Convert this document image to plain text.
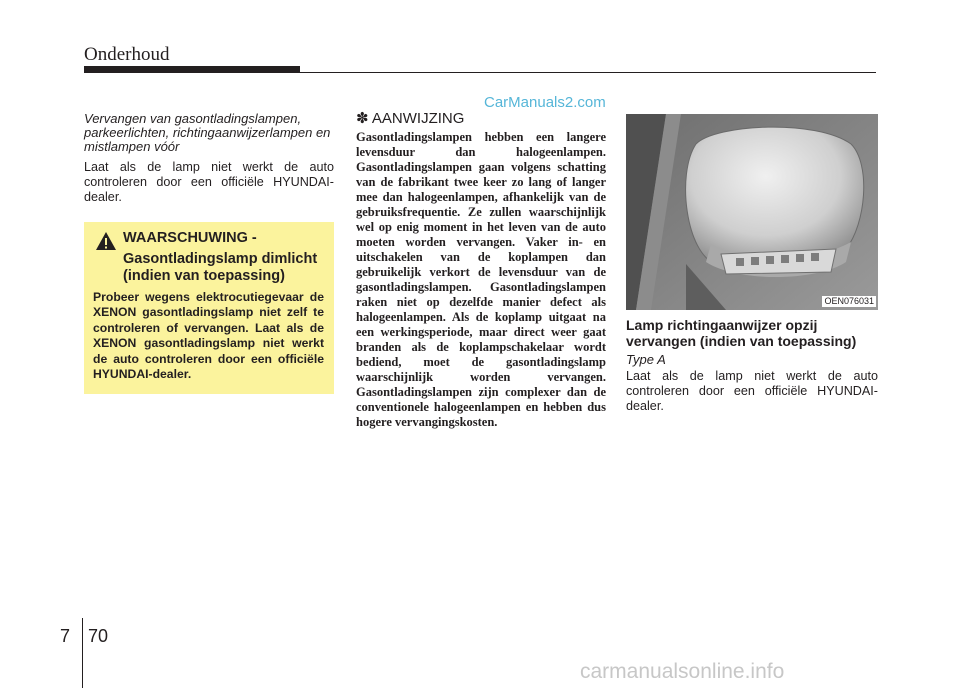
Onderhoud
CarManuals2.com

Vervangen van gasontladingslampen, parkeerlichten, richtingaanwijzerlampen en mistlampen vóór

Laat als de lamp niet werkt de auto controleren door een officiële HYUNDAI-dealer.

WAARSCHUWING -
Gasontladingslamp dimlicht (indien van toepassing)
Probeer wegens elektrocutiegevaar de XENON gasontladingslamp niet zelf te controleren of vervangen. Laat als de XENON gasontladingslamp niet werkt de auto controleren door een officiële HYUNDAI-dealer.
✽ AANWIJZING

Gasontladingslampen hebben een langere levensduur dan halogeenlampen. Gasontladingslampen gaan volgens schatting van de fabrikant twee keer zo lang of langer mee dan halogeenlampen, afhankelijk van de gebruiksfrequentie. Ze zullen waarschijnlijk wel op enig moment in het leven van de auto moeten worden vervangen. Vaker in- en uitschakelen van de koplampen dan gebruikelijk verkort de levensduur van de gasontladingslampen. Gasontladingslampen raken niet op dezelfde manier defect als halogeenlampen. Als de koplamp uitgaat na een werkingsperiode, maar direct weer gaat branden als de koplampschakelaar wordt bediend, moet de gasontladingslamp waarschijnlijk worden vervangen. Gasontladingslampen zijn complexer dan de conventionele halogeenlampen en hebben dus hogere vervangingskosten.

OEN076031
Lamp richtingaanwijzer opzij vervangen (indien van toepassing)
Type A

Laat als de lamp niet werkt de auto controleren door een officiële HYUNDAI-dealer.

7 70
carmanualsonline.info
